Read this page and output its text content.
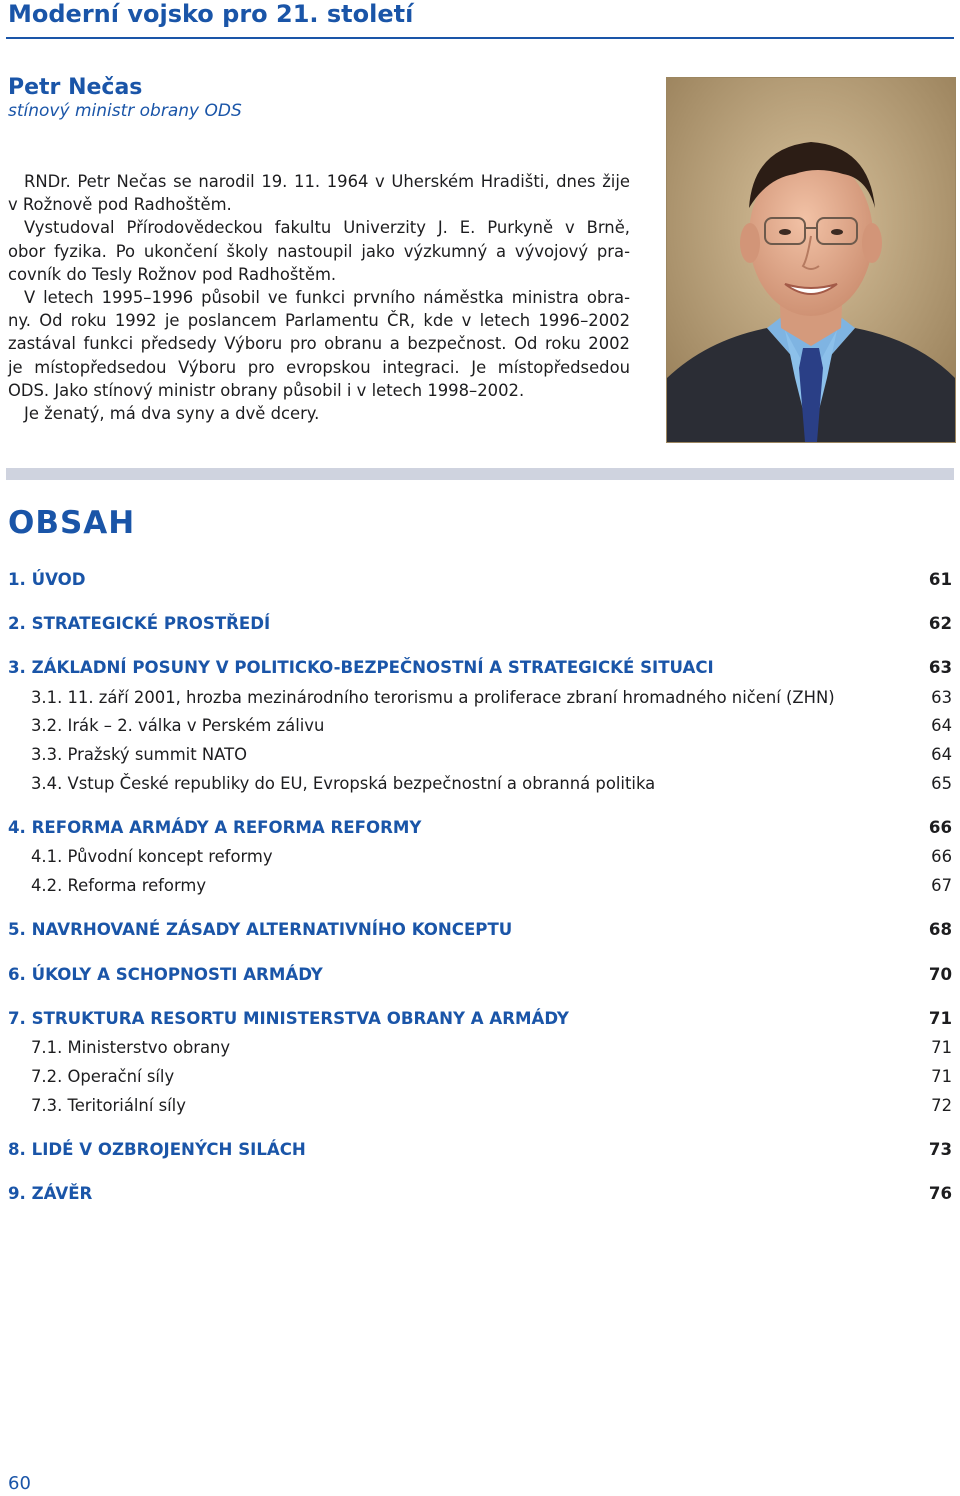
Moderní vojsko pro 21. století
Petr Nečas
stínový ministr obrany ODS
RNDr. Petr Nečas se narodil 19. 11. 1964 v Uherském Hradišti, dnes žije
v Rožnově pod Radhoštěm.
Vystudoval Přírodovědeckou fakultu Univerzity J. E. Purkyně v Brně,
obor fyzika. Po ukončení školy nastoupil jako výzkumný a vývojový pra-
covník do Tesly Rožnov pod Radhoštěm.
V letech 1995–1996 působil ve funkci prvního náměstka ministra obra-
ny. Od roku 1992 je poslancem Parlamentu ČR, kde v letech 1996–2002
zastával funkci předsedy Výboru pro obranu a bezpečnost. Od roku 2002
je místopředsedou Výboru pro evropskou integraci. Je místopředsedou
ODS. Jako stínový ministr obrany působil i v letech 1998–2002.
Je ženatý, má dva syny a dvě dcery.
OBSAH
1. ÚVOD	61
2. STRATEGICKÉ PROSTŘEDÍ	62
3. ZÁKLADNÍ POSUNY V POLITICKO-BEZPEČNOSTNÍ A STRATEGICKÉ SITUACI	63
3.1. 11. září 2001, hrozba mezinárodního terorismu a proliferace zbraní hromadného ničení (ZHN)	63
3.2. Irák – 2. válka v Perském zálivu	64
3.3. Pražský summit NATO	64
3.4. Vstup České republiky do EU, Evropská bezpečnostní a obranná politika	65
4. REFORMA ARMÁDY A REFORMA REFORMY	66
4.1. Původní koncept reformy	66
4.2. Reforma reformy	67
5. NAVRHOVANÉ ZÁSADY ALTERNATIVNÍHO KONCEPTU	68
6. ÚKOLY A SCHOPNOSTI ARMÁDY	70
7. STRUKTURA RESORTU MINISTERSTVA OBRANY A ARMÁDY	71
7.1. Ministerstvo obrany	71
7.2. Operační síly	71
7.3. Teritoriální síly	72
8. LIDÉ V OZBROJENÝCH SILÁCH	73
9. ZÁVĚR	76
60
